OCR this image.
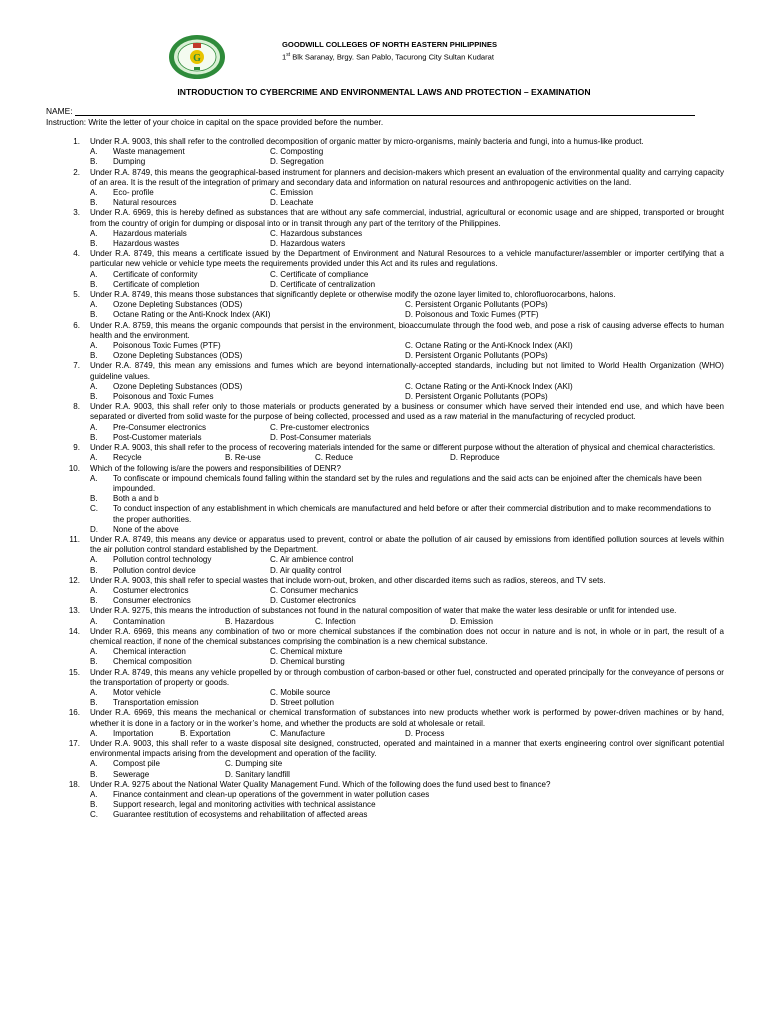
G
GOODWILL COLLEGES OF NORTH EASTERN PHILIPPINES
1st Blk Saranay, Brgy. San Pablo, Tacurong City Sultan Kudarat
INTRODUCTION TO CYBERCRIME AND ENVIRONMENTAL LAWS AND PROTECTION – EXAMINATION
NAME:
Instruction: Write the letter of your choice in capital on the space provided before the number.
1. Under R.A. 9003, this shall refer to the controlled decomposition of organic matter by micro-organisms, mainly bacteria and fungi, into a humus-like product.
A.	Waste management	C. Composting
B.	Dumping	D. Segregation
2. Under R.A. 8749, this means the geographical-based instrument for planners and decision-makers which present an evaluation of the environmental quality and carrying capacity of an area. It is the result of the integration of primary and secondary data and information on natural resources and anthropogenic activities on the land.
A.	Eco- profile	C. Emission
B.	Natural resources	D. Leachate
3. Under R.A. 6969, this is hereby defined as substances that are without any safe commercial, industrial, agricultural or economic usage and are shipped, transported or brought from the country of origin for dumping or disposal into or in transit through any part of the territory of the Philippines.
A.	Hazardous materials	C. Hazardous substances
B.	Hazardous wastes	D. Hazardous waters
4. Under R.A. 8749, this means a certificate issued by the Department of Environment and Natural Resources to a vehicle manufacturer/assembler or importer certifying that a particular new vehicle or vehicle type meets the requirements provided under this Act and its rules and regulations.
A.	Certificate of conformity	C. Certificate of compliance
B.	Certificate of completion	D. Certificate of centralization
5. Under R.A. 8749, this means those substances that significantly deplete or otherwise modify the ozone layer limited to, chlorofluorocarbons, halons.
A.	Ozone Depleting Substances (ODS)	C. Persistent Organic Pollutants (POPs)
B.	Octane Rating or the Anti-Knock Index (AKI)	D. Poisonous and Toxic Fumes (PTF)
6. Under R.A. 8759, this means the organic compounds that persist in the environment, bioaccumulate through the food web, and pose a risk of causing adverse effects to human health and the environment.
A.	Poisonous Toxic Fumes (PTF)	C. Octane Rating or the Anti-Knock Index (AKI)
B.	Ozone Depleting Substances (ODS)	D. Persistent Organic Pollutants (POPs)
7. Under R.A. 8749, this mean any emissions and fumes which are beyond internationally-accepted standards, including but not limited to World Health Organization (WHO) guideline values.
A.	Ozone Depleting Substances (ODS)	C. Octane Rating or the Anti-Knock Index (AKI)
B.	Poisonous and Toxic Fumes	D. Persistent Organic Pollutants (POPs)
8. Under R.A. 9003, this shall refer only to those materials or products generated by a business or consumer which have served their intended end use, and which have been separated or diverted from solid waste for the purpose of being collected, processed and used as a raw material in the manufacturing of recycled product.
A.	Pre-Consumer electronics	C. Pre-customer electronics
B.	Post-Customer materials	D. Post-Consumer materials
9. Under R.A. 9003, this shall refer to the process of recovering materials intended for the same or different purpose without the alteration of physical and chemical characteristics.
A.	Recycle	B. Re-use	C. Reduce	D. Reproduce
10. Which of the following is/are the powers and responsibilities of DENR?
A.	To confiscate or impound chemicals found falling within the standard set by the rules and regulations and the said acts can be enjoined after the chemicals have been impounded.
B.	Both a and b
C.	To conduct inspection of any establishment in which chemicals are manufactured and held before or after their commercial distribution and to make recommendations to the proper authorities.
D.	None of the above
11. Under R.A. 8749, this means any device or apparatus used to prevent, control or abate the pollution of air caused by emissions from identified pollution sources at levels within the air pollution control standard established by the Department.
A.	Pollution control technology	C. Air ambience control
B.	Pollution control device	D. Air quality control
12. Under R.A. 9003, this shall refer to special wastes that include worn-out, broken, and other discarded items such as radios, stereos, and TV sets.
A.	Costumer electronics	C. Consumer mechanics
B.	Consumer electronics	D. Customer electronics
13. Under R.A. 9275, this means the introduction of substances not found in the natural composition of water that make the water less desirable or unfit for intended use.
A.	Contamination	B. Hazardous	C. Infection	D. Emission
14. Under R.A. 6969, this means any combination of two or more chemical substances if the combination does not occur in nature and is not, in whole or in part, the result of a chemical reaction, if none of the chemical substances comprising the combination is a new chemical substance.
A.	Chemical interaction	C. Chemical mixture
B.	Chemical composition	D. Chemical bursting
15. Under R.A. 8749, this means any vehicle propelled by or through combustion of carbon-based or other fuel, constructed and operated principally for the conveyance of persons or the transportation of property or goods.
A.	Motor vehicle	C. Mobile source
B.	Transportation emission	D. Street pollution
16. Under R.A. 6969, this means the mechanical or chemical transformation of substances into new products whether work is performed by power-driven machines or by hand, whether it is done in a factory or in the worker’s home, and whether the products are sold at wholesale or retail.
A.	Importation	B. Exportation	C. Manufacture	D. Process
17. Under R.A. 9003, this shall refer to a waste disposal site designed, constructed, operated and maintained in a manner that exerts engineering control over significant potential environmental impacts arising from the development and operation of the facility.
A.	Compost pile	C. Dumping site
B.	Sewerage	D. Sanitary landfill
18. Under R.A. 9275 about the National Water Quality Management Fund. Which of the following does the fund used best to finance?
A.	Finance containment and clean-up operations of the government in water pollution cases
B.	Support research, legal and monitoring activities with technical assistance
C.	Guarantee restitution of ecosystems and rehabilitation of affected areas
